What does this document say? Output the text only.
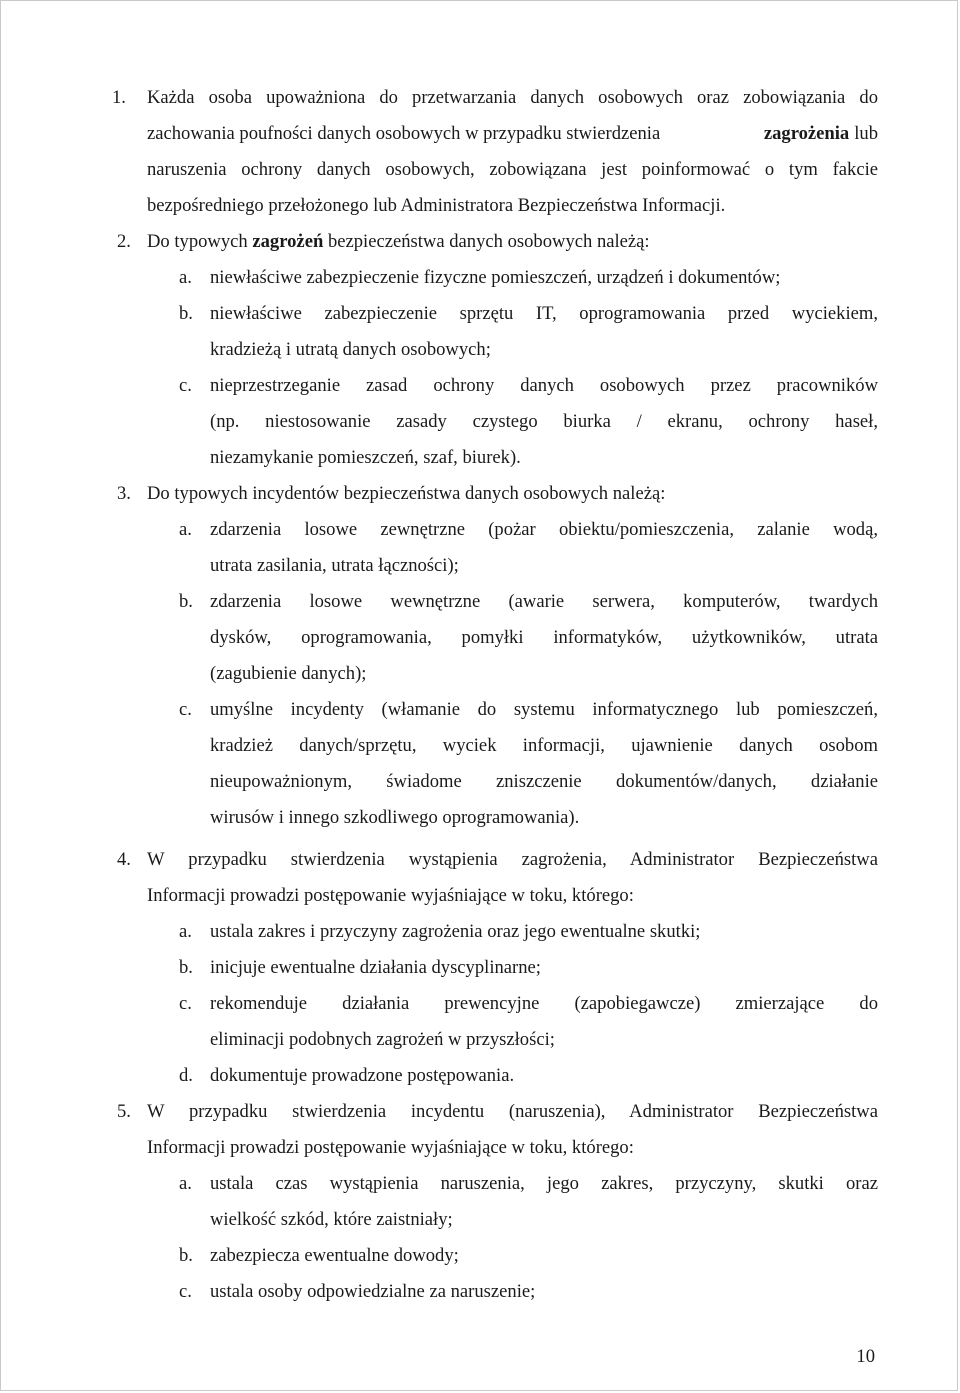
1. Każda osoba upoważniona do przetwarzania danych osobowych oraz zobowiązania do
zachowania poufności danych osobowych w przypadku stwierdzenia	zagrożenia lub
naruszenia ochrony danych osobowych, zobowiązana jest poinformować o tym fakcie
bezpośredniego przełożonego lub Administratora Bezpieczeństwa Informacji.
2. Do typowych zagrożeń bezpieczeństwa danych osobowych należą:
a. niewłaściwe zabezpieczenie fizyczne pomieszczeń, urządzeń i dokumentów;
b. niewłaściwe zabezpieczenie sprzętu IT, oprogramowania przed wyciekiem,
kradzieżą i utratą danych osobowych;
c. nieprzestrzeganie zasad ochrony danych osobowych przez pracowników
(np. niestosowanie zasady czystego biurka / ekranu, ochrony haseł,
niezamykanie pomieszczeń, szaf, biurek).
3. Do typowych incydentów bezpieczeństwa danych osobowych należą:
a. zdarzenia losowe zewnętrzne (pożar obiektu/pomieszczenia, zalanie wodą,
utrata zasilania, utrata łączności);
b. zdarzenia losowe wewnętrzne (awarie serwera, komputerów, twardych
dysków, oprogramowania, pomyłki informatyków, użytkowników, utrata
(zagubienie danych);
c. umyślne incydenty (włamanie do systemu informatycznego lub pomieszczeń,
kradzież danych/sprzętu, wyciek informacji, ujawnienie danych osobom
nieupoważnionym, świadome zniszczenie dokumentów/danych, działanie
wirusów i innego szkodliwego oprogramowania).
4. W przypadku stwierdzenia wystąpienia zagrożenia, Administrator Bezpieczeństwa
Informacji prowadzi postępowanie wyjaśniające w toku, którego:
a. ustala zakres i przyczyny zagrożenia oraz jego ewentualne skutki;
b. inicjuje ewentualne działania dyscyplinarne;
c. rekomenduje działania prewencyjne (zapobiegawcze) zmierzające do
eliminacji podobnych zagrożeń w przyszłości;
d. dokumentuje prowadzone postępowania.
5. W przypadku stwierdzenia incydentu (naruszenia), Administrator Bezpieczeństwa
Informacji prowadzi postępowanie wyjaśniające w toku, którego:
a. ustala czas wystąpienia naruszenia, jego zakres, przyczyny, skutki oraz
wielkość szkód, które zaistniały;
b. zabezpiecza ewentualne dowody;
c. ustala osoby odpowiedzialne za naruszenie;
10
